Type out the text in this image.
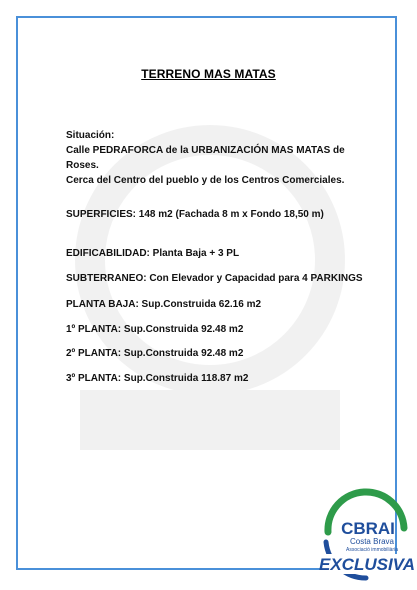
TERRENO MAS MATAS
Situación:
Calle PEDRAFORCA de la URBANIZACIÓN MAS MATAS de
Roses.
Cerca del Centro del pueblo y de los Centros Comerciales.
SUPERFICIES: 148 m2 (Fachada 8 m x Fondo 18,50 m)
EDIFICABILIDAD: Planta Baja + 3 PL
SUBTERRANEO: Con Elevador y Capacidad para 4 PARKINGS
PLANTA BAJA: Sup.Construida 62.16 m2
1º PLANTA: Sup.Construida 92.48 m2
2º PLANTA: Sup.Construida 92.48 m2
3º PLANTA: Sup.Construida 118.87 m2
CBRAI
Costa Brava
Associació immobiliària
EXCLUSIVA
